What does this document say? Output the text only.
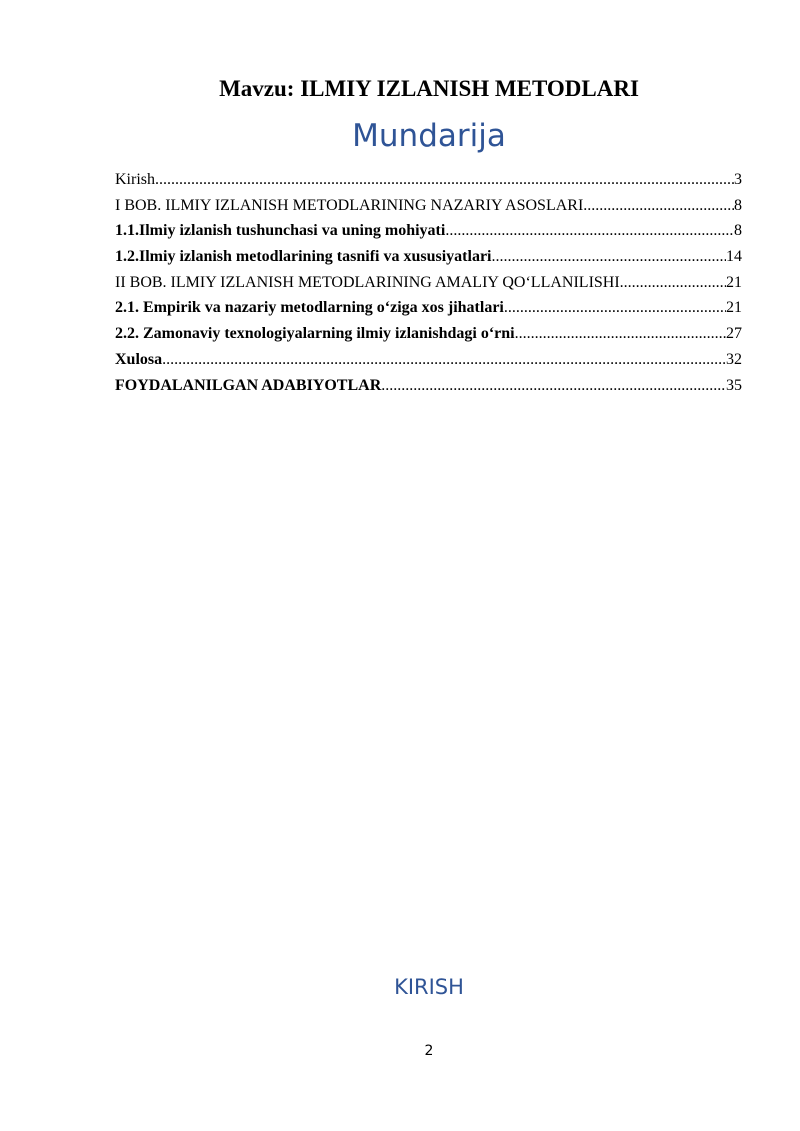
Mavzu: ILMIY IZLANISH METODLARI
Mundarija
Kirish .....	3
I BOB. ILMIY IZLANISH METODLARINING NAZARIY ASOSLARI .....	8
1.1.Ilmiy izlanish tushunchasi va uning mohiyati .....	8
1.2.Ilmiy izlanish metodlarining tasnifi va xususiyatlari .....	14
II BOB. ILMIY IZLANISH METODLARINING AMALIY QO‘LLANILISHI. .....	21
2.1. Empirik va nazariy metodlarning o‘ziga xos jihatlari .....	21
2.2. Zamonaviy texnologiyalarning ilmiy izlanishdagi o‘rni .....	27
Xulosa .....	32
FOYDALANILGAN ADABIYOTLAR .....	35
KIRISH
2
